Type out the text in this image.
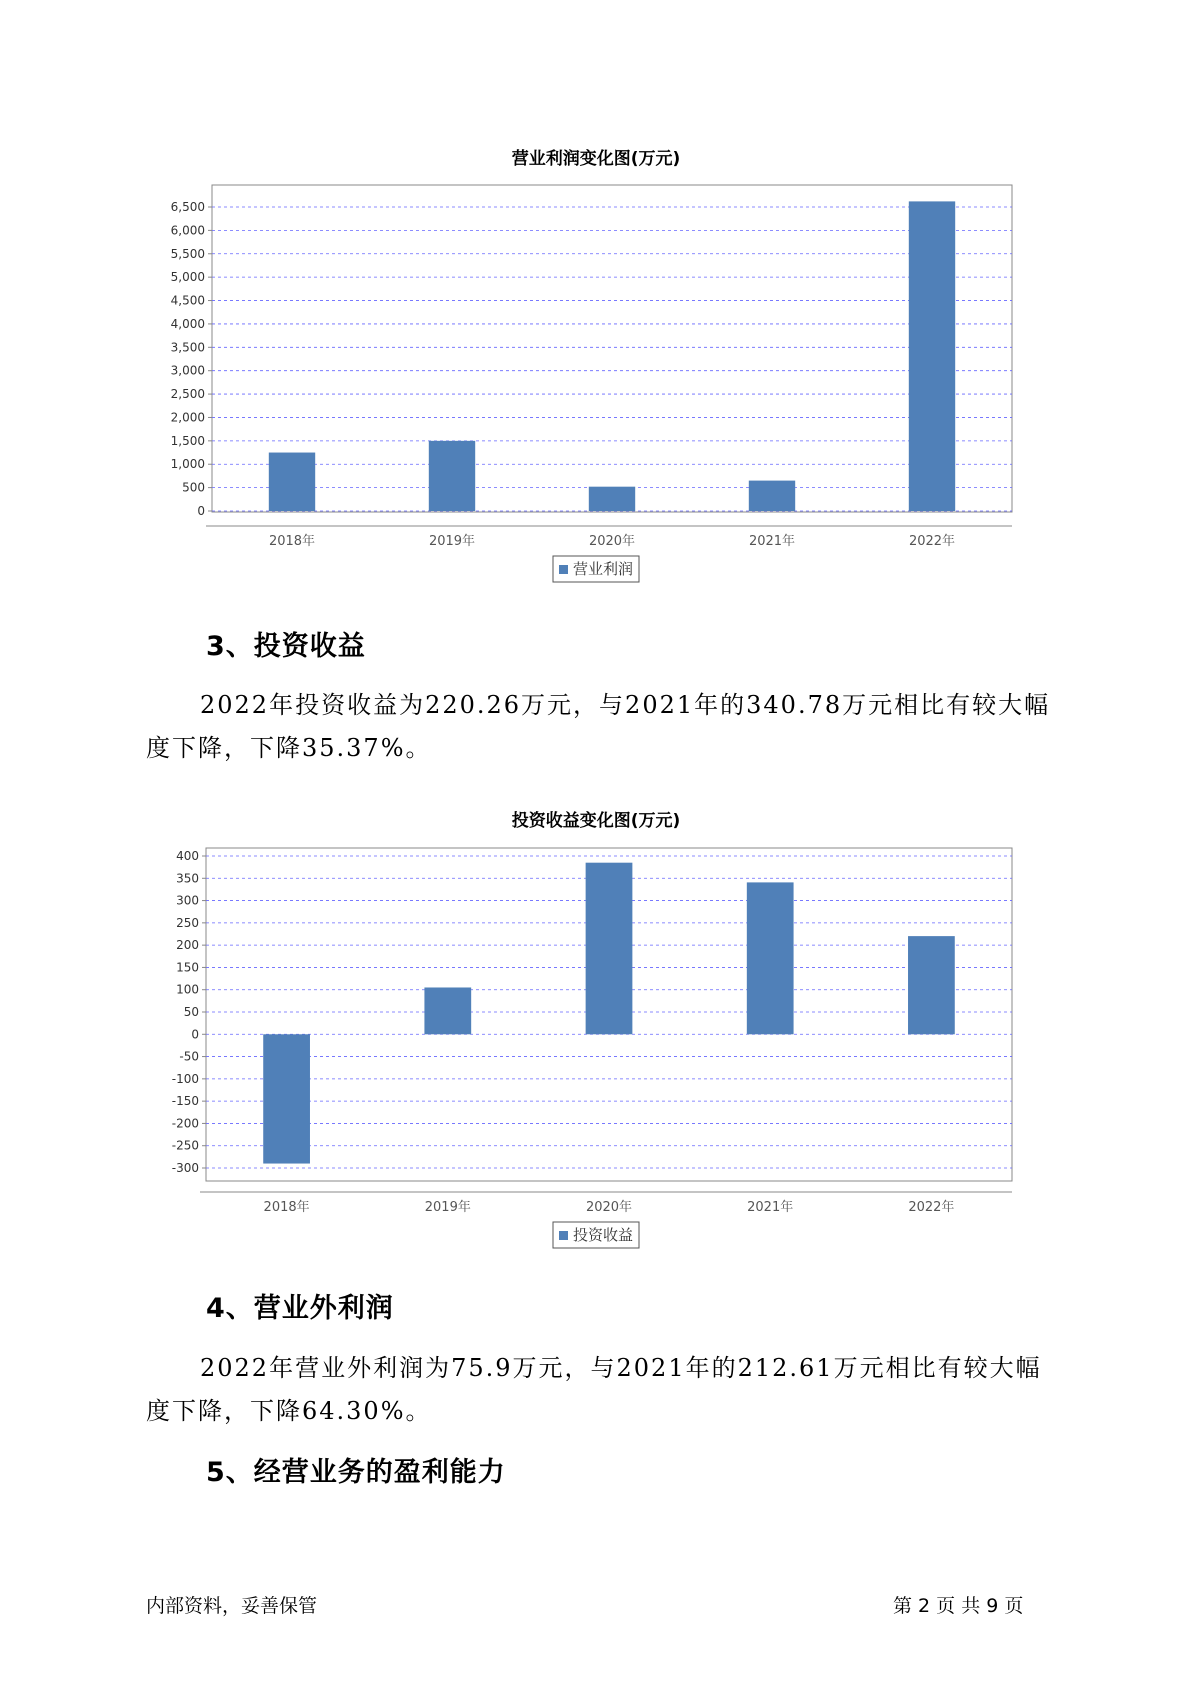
营业利润变化图(万元)
0
500
1,000
1,500
2,000
2,500
3,000
3,500
4,000
4,500
5,000
5,500
6,000
6,500
2018年	2019年	2020年	2021年	2022年
营业利润
3、投资收益

2022年投资收益为220.26万元，与2021年的340.78万元相比有较大幅度下降，下降35.37%。

投资收益变化图(万元)
400
350
300
250
200
150
100
50
0
-50
-100
-150
-200
-250
-300
2018年	2019年	2020年	2021年	2022年
投资收益
4、营业外利润

2022年营业外利润为75.9万元，与2021年的212.61万元相比有较大幅度下降，下降64.30%。

5、经营业务的盈利能力
内部资料，妥善保管	第 2 页 共 9 页
